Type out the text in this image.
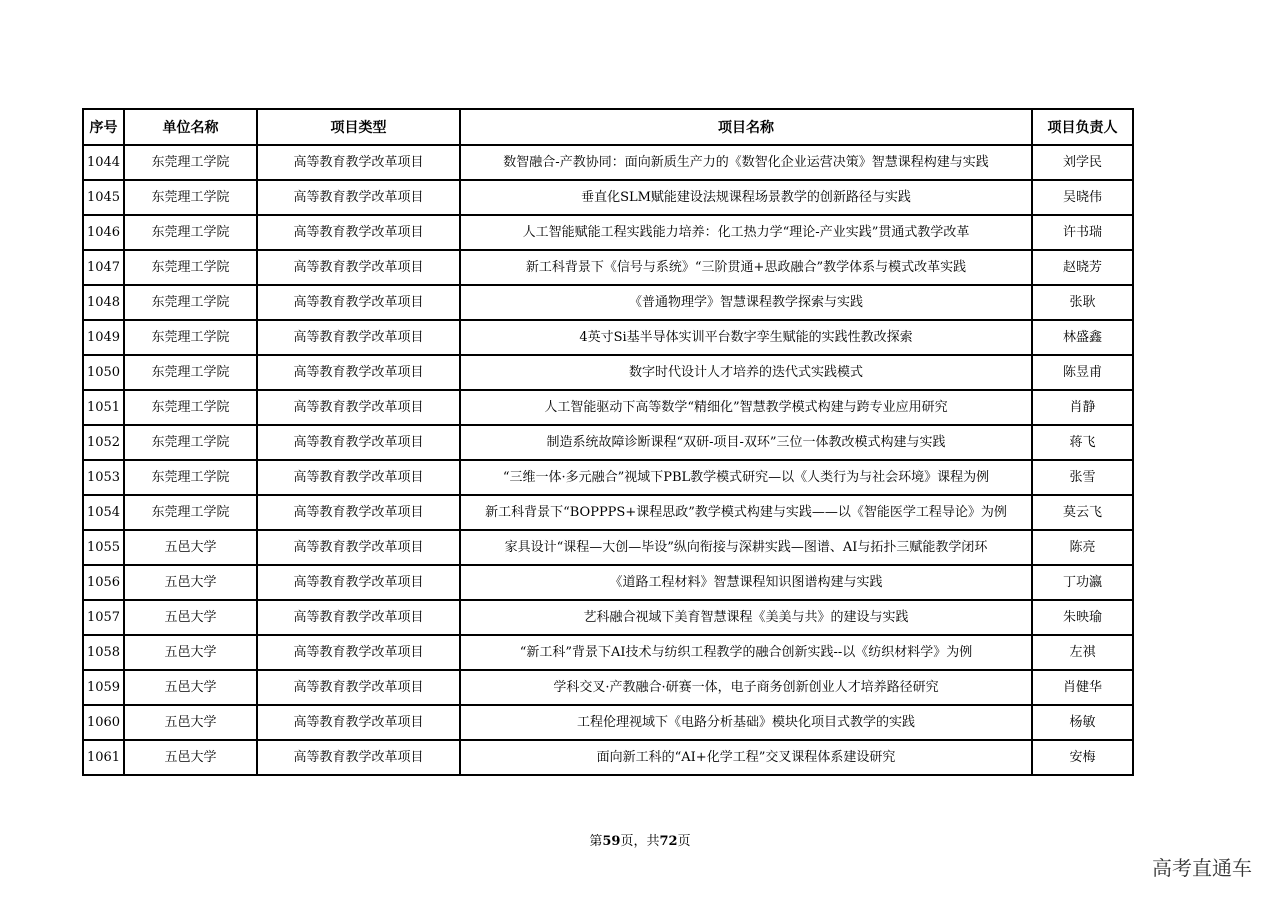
序号	单位名称	项目类型	项目名称	项目负责人
1044	东莞理工学院	高等教育教学改革项目	数智融合-产教协同：面向新质生产力的《数智化企业运营决策》智慧课程构建与实践	刘学民
1045	东莞理工学院	高等教育教学改革项目	垂直化SLM赋能建设法规课程场景教学的创新路径与实践	吴晓伟
1046	东莞理工学院	高等教育教学改革项目	人工智能赋能工程实践能力培养：化工热力学“理论-产业实践”贯通式教学改革	许书瑞
1047	东莞理工学院	高等教育教学改革项目	新工科背景下《信号与系统》“三阶贯通+思政融合”教学体系与模式改革实践	赵晓芳
1048	东莞理工学院	高等教育教学改革项目	《普通物理学》智慧课程教学探索与实践	张耿
1049	东莞理工学院	高等教育教学改革项目	4英寸Si基半导体实训平台数字孪生赋能的实践性教改探索	林盛鑫
1050	东莞理工学院	高等教育教学改革项目	数字时代设计人才培养的迭代式实践模式	陈昱甫
1051	东莞理工学院	高等教育教学改革项目	人工智能驱动下高等数学“精细化”智慧教学模式构建与跨专业应用研究	肖静
1052	东莞理工学院	高等教育教学改革项目	制造系统故障诊断课程“双研-项目-双环”三位一体教改模式构建与实践	蒋飞
1053	东莞理工学院	高等教育教学改革项目	“三维一体·多元融合”视域下PBL教学模式研究—以《人类行为与社会环境》课程为例	张雪
1054	东莞理工学院	高等教育教学改革项目	新工科背景下“BOPPPS+课程思政”教学模式构建与实践——以《智能医学工程导论》为例	莫云飞
1055	五邑大学	高等教育教学改革项目	家具设计“课程—大创—毕设”纵向衔接与深耕实践—图谱、AI与拓扑三赋能教学闭环	陈亮
1056	五邑大学	高等教育教学改革项目	《道路工程材料》智慧课程知识图谱构建与实践	丁功瀛
1057	五邑大学	高等教育教学改革项目	艺科融合视域下美育智慧课程《美美与共》的建设与实践	朱映瑜
1058	五邑大学	高等教育教学改革项目	“新工科”背景下AI技术与纺织工程教学的融合创新实践--以《纺织材料学》为例	左祺
1059	五邑大学	高等教育教学改革项目	学科交叉·产教融合·研赛一体，电子商务创新创业人才培养路径研究	肖健华
1060	五邑大学	高等教育教学改革项目	工程伦理视域下《电路分析基础》模块化项目式教学的实践	杨敏
1061	五邑大学	高等教育教学改革项目	面向新工科的“AI+化学工程”交叉课程体系建设研究	安梅
第59页，共72页
高考直通车
